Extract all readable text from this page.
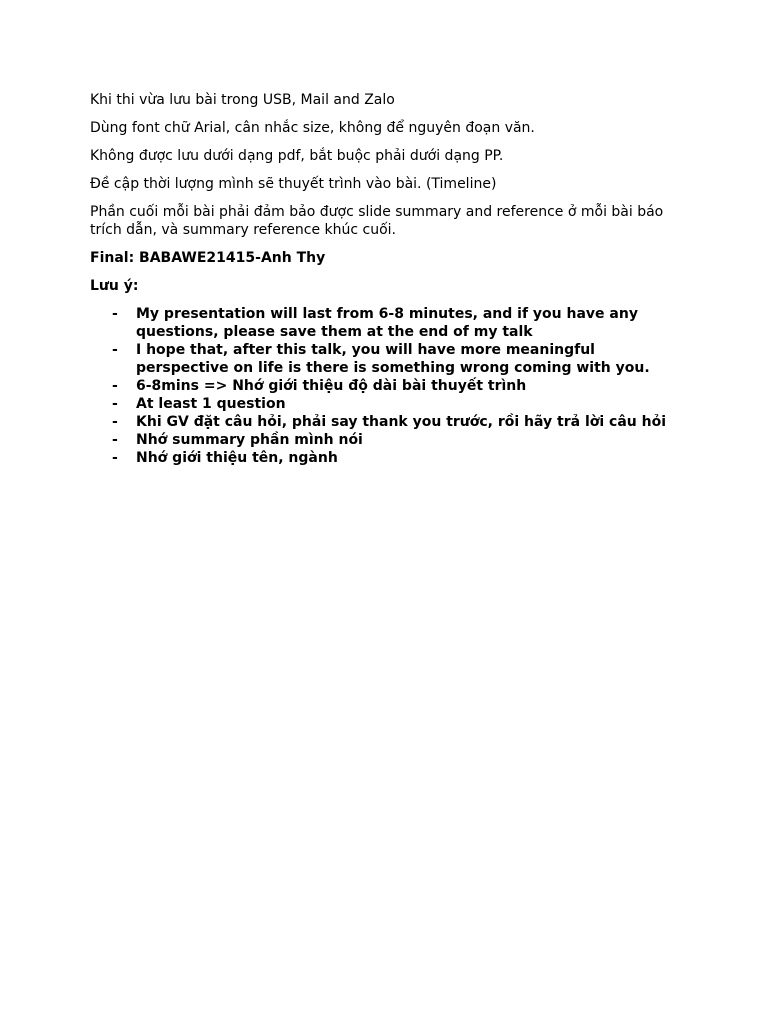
Khi thi vừa lưu bài trong USB, Mail and Zalo

Dùng font chữ Arial, cân nhắc size, không để nguyên đoạn văn.

Không được lưu dưới dạng pdf, bắt buộc phải dưới dạng PP.

Đề cập thời lượng mình sẽ thuyết trình vào bài. (Timeline)

Phần cuối mỗi bài phải đảm bảo được slide summary and reference ở mỗi bài báo trích dẫn, và summary reference khúc cuối.

Final: BABAWE21415-Anh Thy

Lưu ý:

- My presentation will last from 6-8 minutes, and if you have any questions, please save them at the end of my talk
- I hope that, after this talk, you will have more meaningful perspective on life is there is something wrong coming with you.
- 6-8mins => Nhớ giới thiệu độ dài bài thuyết trình
- At least 1 question
- Khi GV đặt câu hỏi, phải say thank you trước, rồi hãy trả lời câu hỏi
- Nhớ summary phần mình nói
- Nhớ giới thiệu tên, ngành
